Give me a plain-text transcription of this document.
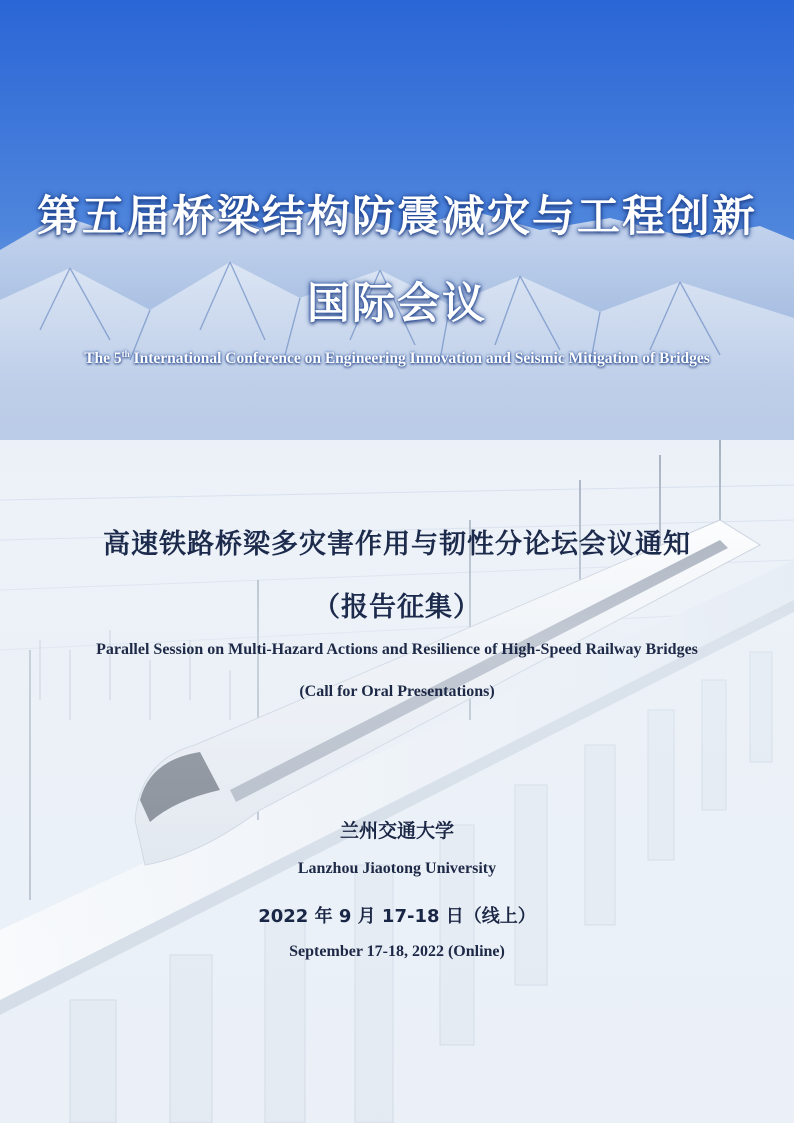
第五届桥梁结构防震减灾与工程创新
国际会议
The 5th International Conference on Engineering Innovation and Seismic Mitigation of Bridges
高速铁路桥梁多灾害作用与韧性分论坛会议通知
（报告征集）
Parallel Session on Multi-Hazard Actions and Resilience of High-Speed Railway Bridges
(Call for Oral Presentations)
兰州交通大学
Lanzhou Jiaotong University
2022 年 9 月 17-18 日（线上）
September 17-18, 2022 (Online)
